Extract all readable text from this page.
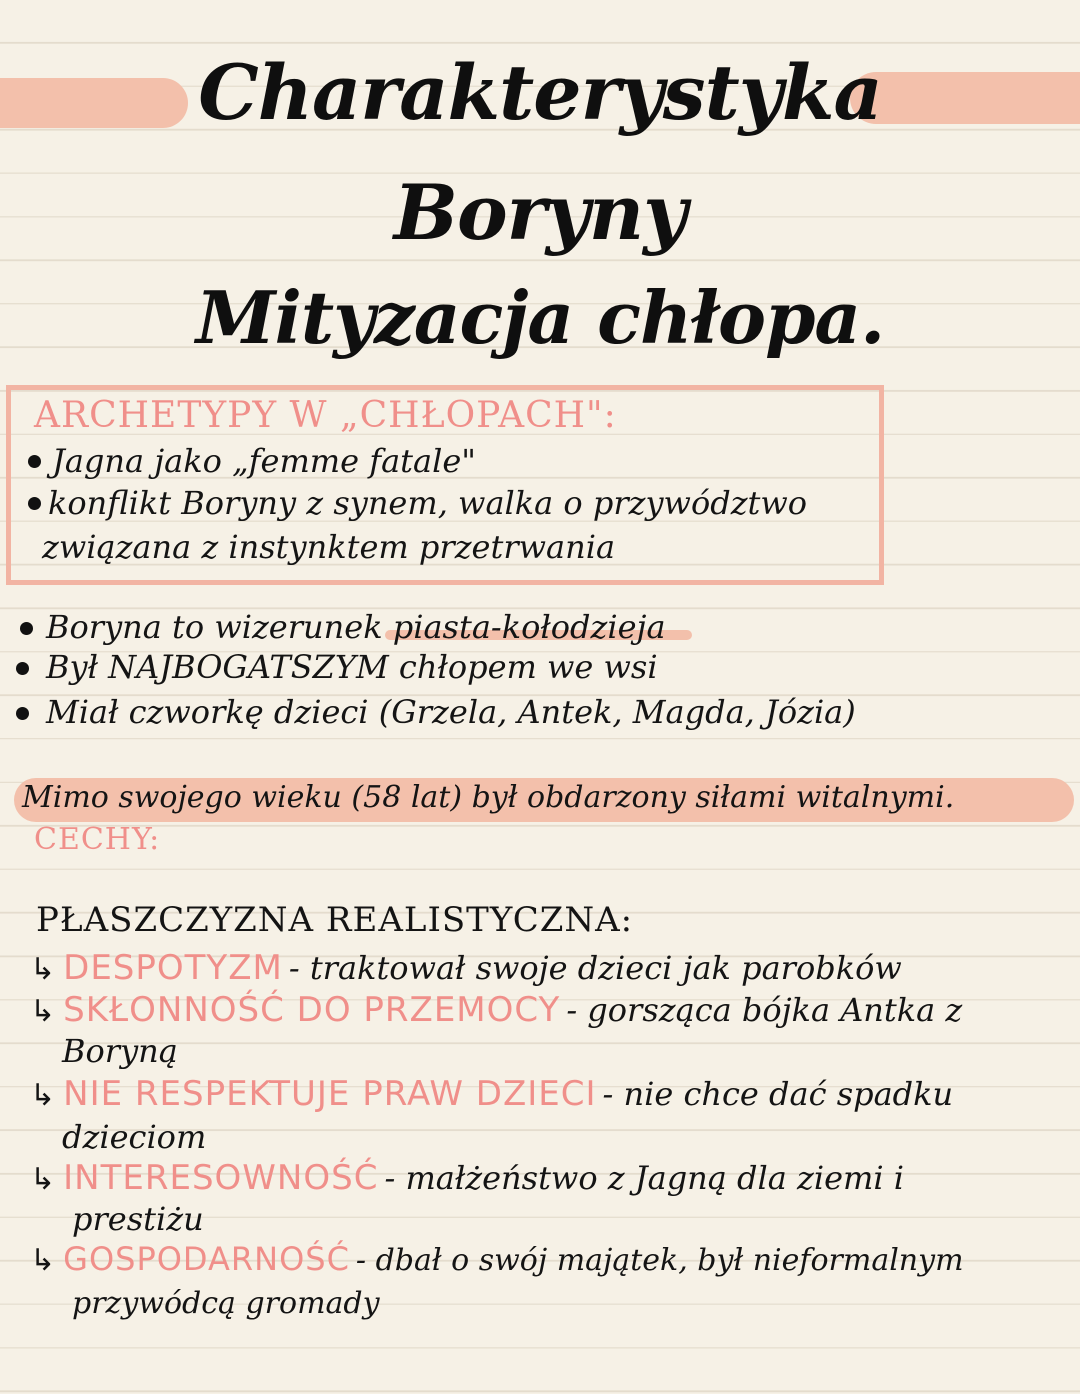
Charakterystyka
Boryny
Mityzacja chłopa.
ARCHETYPY W „CHŁOPACH":
Jagna jako „femme fatale"
konflikt Boryny z synem, walka o przywództwo
związana z instynktem przetrwania
Boryna to wizerunek piasta-kołodzieja
Był NAJBOGATSZYM chłopem we wsi
Miał czworkę dzieci (Grzela, Antek, Magda, Józia)
Mimo swojego wieku (58 lat) był obdarzony siłami witalnymi.
CECHY:
PŁASZCZYZNA REALISTYCZNA:
↳ DESPOTYZM - traktował swoje dzieci jak parobków
↳ SKŁONNOŚĆ DO PRZEMOCY - gorsząca bójka Antka z
Boryną
↳ NIE RESPEKTUJE PRAW DZIECI - nie chce dać spadku
dzieciom
↳ INTERESOWNOŚĆ - małżeństwo z Jagną dla ziemi i
prestiżu
↳ GOSPODARNOŚĆ - dbał o swój majątek, był nieformalnym
przywódcą gromady
